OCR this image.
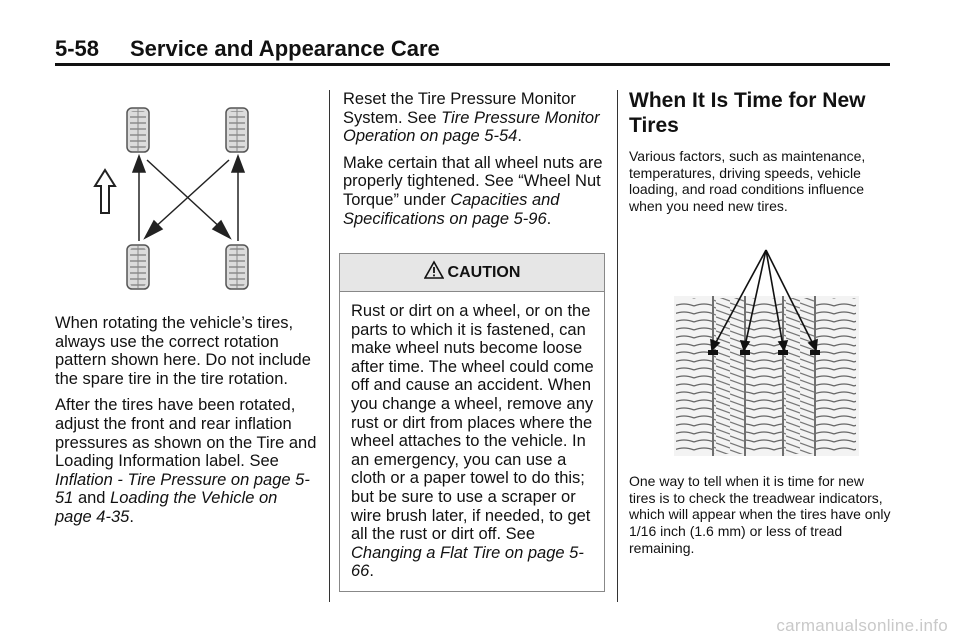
5-58 Service and Appearance Care

When rotating the vehicle’s tires, always use the correct rotation pattern shown here. Do not include the spare tire in the tire rotation.

After the tires have been rotated, adjust the front and rear inflation pressures as shown on the Tire and Loading Information label. See Inflation - Tire Pressure on page 5-51 and Loading the Vehicle on page 4-35.

Reset the Tire Pressure Monitor System. See Tire Pressure Monitor Operation on page 5-54.

Make certain that all wheel nuts are properly tightened. See “Wheel Nut Torque” under Capacities and Specifications on page 5-96.

CAUTION

Rust or dirt on a wheel, or on the parts to which it is fastened, can make wheel nuts become loose after time. The wheel could come off and cause an accident. When you change a wheel, remove any rust or dirt from places where the wheel attaches to the vehicle. In an emergency, you can use a cloth or a paper towel to do this; but be sure to use a scraper or wire brush later, if needed, to get all the rust or dirt off. See Changing a Flat Tire on page 5-66.

When It Is Time for New Tires

Various factors, such as maintenance, temperatures, driving speeds, vehicle loading, and road conditions influence when you need new tires.

One way to tell when it is time for new tires is to check the treadwear indicators, which will appear when the tires have only 1/16 inch (1.6 mm) or less of tread remaining.

carmanualsonline.info
